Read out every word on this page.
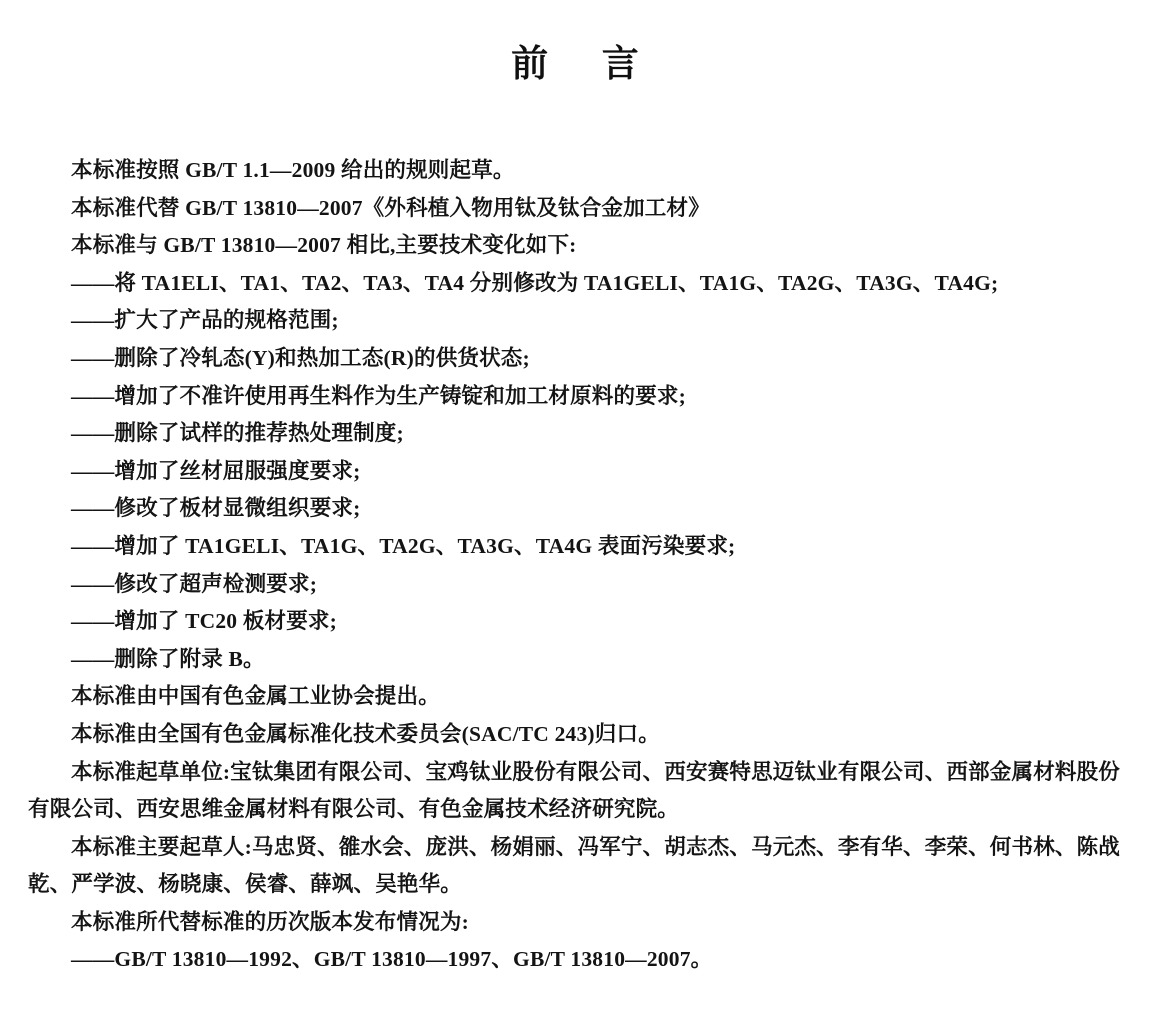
前言

本标准按照 GB/T 1.1—2009 给出的规则起草。

本标准代替 GB/T 13810—2007《外科植入物用钛及钛合金加工材》

本标准与 GB/T 13810—2007 相比,主要技术变化如下:

——将 TA1ELI、TA1、TA2、TA3、TA4 分别修改为 TA1GELI、TA1G、TA2G、TA3G、TA4G;

——扩大了产品的规格范围;

——删除了冷轧态(Y)和热加工态(R)的供货状态;

——增加了不准许使用再生料作为生产铸锭和加工材原料的要求;

——删除了试样的推荐热处理制度;

——增加了丝材屈服强度要求;

——修改了板材显微组织要求;

——增加了 TA1GELI、TA1G、TA2G、TA3G、TA4G 表面污染要求;

——修改了超声检测要求;

——增加了 TC20 板材要求;

——删除了附录 B。

本标准由中国有色金属工业协会提出。

本标准由全国有色金属标准化技术委员会(SAC/TC 243)归口。

本标准起草单位:宝钛集团有限公司、宝鸡钛业股份有限公司、西安赛特思迈钛业有限公司、西部金属材料股份有限公司、西安思维金属材料有限公司、有色金属技术经济研究院。

本标准主要起草人:马忠贤、雒水会、庞洪、杨娟丽、冯军宁、胡志杰、马元杰、李有华、李荣、何书林、陈战乾、严学波、杨晓康、侯睿、薛飒、吴艳华。

本标准所代替标准的历次版本发布情况为:

——GB/T 13810—1992、GB/T 13810—1997、GB/T 13810—2007。
